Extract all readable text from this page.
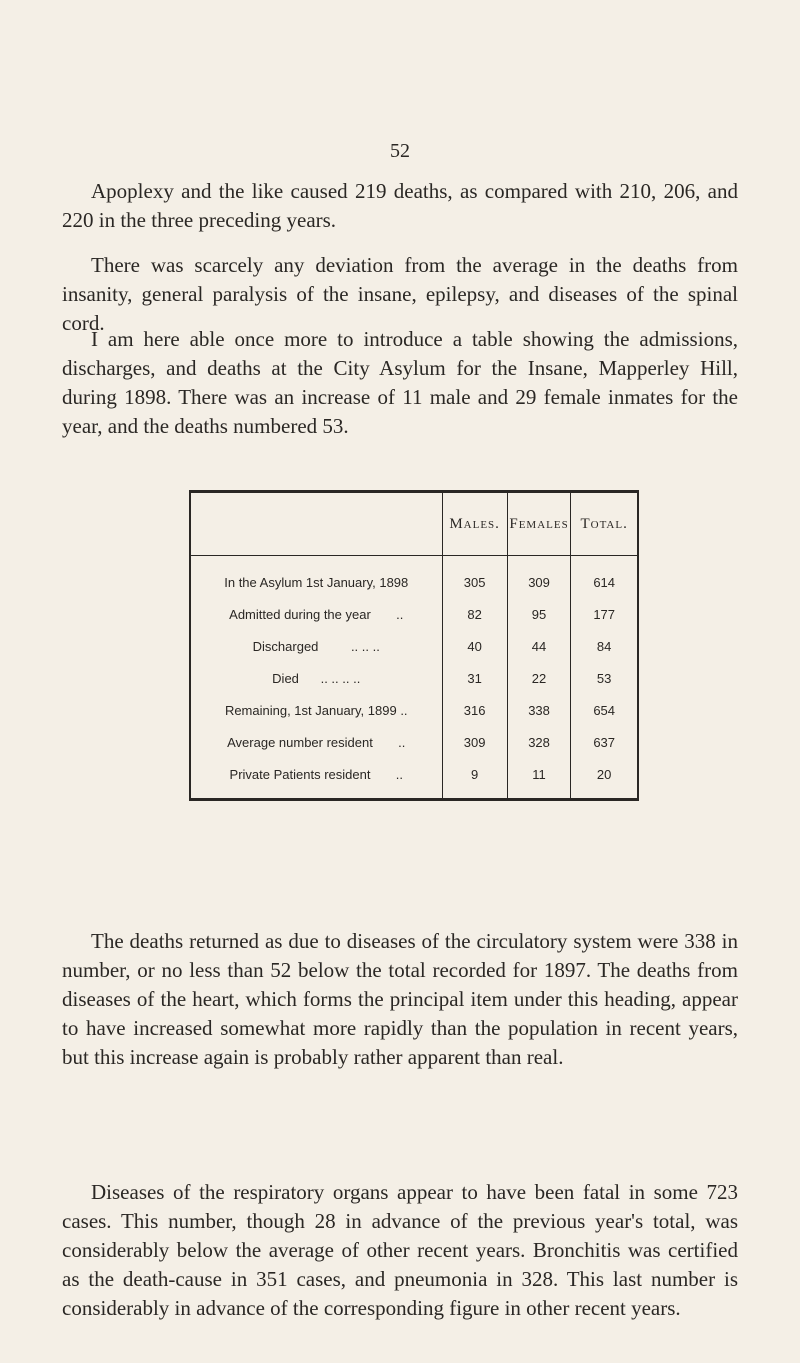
52

Apoplexy and the like caused 219 deaths, as compared with 210, 206, and 220 in the three preceding years.

There was scarcely any deviation from the average in the deaths from insanity, general paralysis of the insane, epilepsy, and diseases of the spinal cord.

I am here able once more to introduce a table showing the admissions, discharges, and deaths at the City Asylum for the Insane, Mapperley Hill, during 1898. There was an increase of 11 male and 29 female inmates for the year, and the deaths numbered 53.

	Males.	Females	Total.
In the Asylum 1st January, 1898	305	309	614
Admitted during the year ..	82	95	177
Discharged .. .. ..	40	44	84
Died .. .. .. ..	31	22	53
Remaining, 1st January, 1899 ..	316	338	654
Average number resident ..	309	328	637
Private Patients resident ..	9	11	20

The deaths returned as due to diseases of the circulatory system were 338 in number, or no less than 52 below the total recorded for 1897. The deaths from diseases of the heart, which forms the principal item under this heading, appear to have increased somewhat more rapidly than the population in recent years, but this increase again is probably rather apparent than real.

Diseases of the respiratory organs appear to have been fatal in some 723 cases. This number, though 28 in advance of the previous year's total, was considerably below the average of other recent years. Bronchitis was certified as the death-cause in 351 cases, and pneumonia in 328. This last number is considerably in advance of the corresponding figure in other recent years.
